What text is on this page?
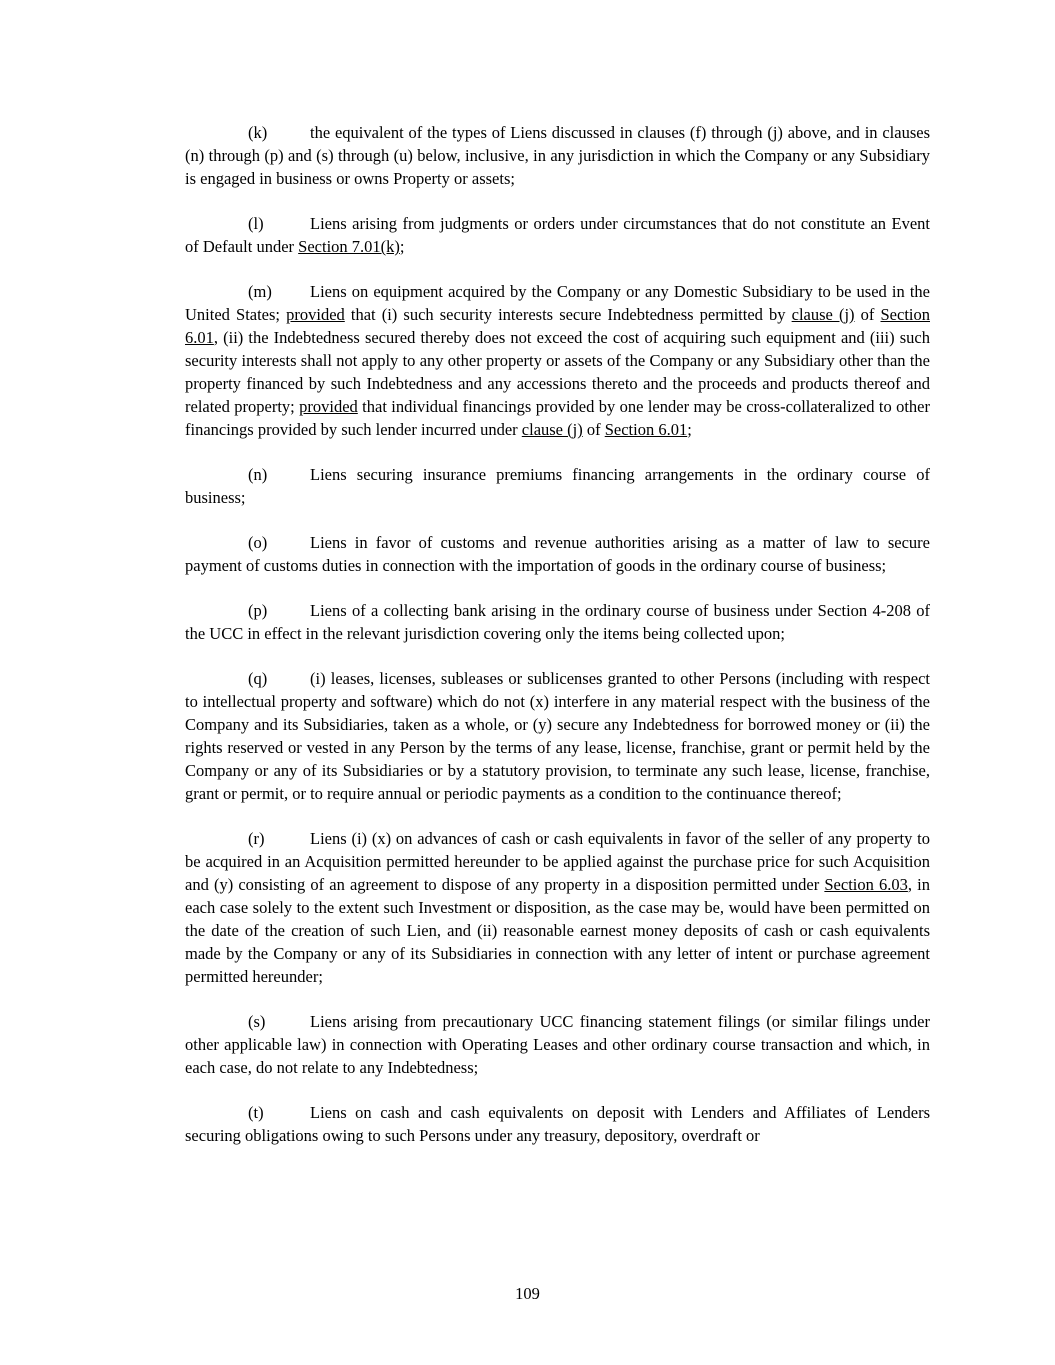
(k)	the equivalent of the types of Liens discussed in clauses (f) through (j) above, and in clauses (n) through (p) and (s) through (u) below, inclusive, in any jurisdiction in which the Company or any Subsidiary is engaged in business or owns Property or assets;

(l)	Liens arising from judgments or orders under circumstances that do not constitute an Event of Default under Section 7.01(k);

(m) Liens on equipment acquired by the Company or any Domestic Subsidiary to be used in the United States; provided that (i) such security interests secure Indebtedness permitted by clause (j) of Section 6.01, (ii) the Indebtedness secured thereby does not exceed the cost of acquiring such equipment and (iii) such security interests shall not apply to any other property or assets of the Company or any Subsidiary other than the property financed by such Indebtedness and any accessions thereto and the proceeds and products thereof and related property; provided that individual financings provided by one lender may be cross-collateralized to other financings provided by such lender incurred under clause (j) of Section 6.01;

(n)	Liens securing insurance premiums financing arrangements in the ordinary course of business;

(o)	Liens in favor of customs and revenue authorities arising as a matter of law to secure payment of customs duties in connection with the importation of goods in the ordinary course of business;

(p)	Liens of a collecting bank arising in the ordinary course of business under Section 4-208 of the UCC in effect in the relevant jurisdiction covering only the items being collected upon;

(q)	(i) leases, licenses, subleases or sublicenses granted to other Persons (including with respect to intellectual property and software) which do not (x) interfere in any material respect with the business of the Company and its Subsidiaries, taken as a whole, or (y) secure any Indebtedness for borrowed money or (ii) the rights reserved or vested in any Person by the terms of any lease, license, franchise, grant or permit held by the Company or any of its Subsidiaries or by a statutory provision, to terminate any such lease, license, franchise, grant or permit, or to require annual or periodic payments as a condition to the continuance thereof;

(r)	Liens (i) (x) on advances of cash or cash equivalents in favor of the seller of any property to be acquired in an Acquisition permitted hereunder to be applied against the purchase price for such Acquisition and (y) consisting of an agreement to dispose of any property in a disposition permitted under Section 6.03, in each case solely to the extent such Investment or disposition, as the case may be, would have been permitted on the date of the creation of such Lien, and (ii) reasonable earnest money deposits of cash or cash equivalents made by the Company or any of its Subsidiaries in connection with any letter of intent or purchase agreement permitted hereunder;

(s)	Liens arising from precautionary UCC financing statement filings (or similar filings under other applicable law) in connection with Operating Leases and other ordinary course transaction and which, in each case, do not relate to any Indebtedness;

(t)	Liens on cash and cash equivalents on deposit with Lenders and Affiliates of Lenders securing obligations owing to such Persons under any treasury, depository, overdraft or

109
